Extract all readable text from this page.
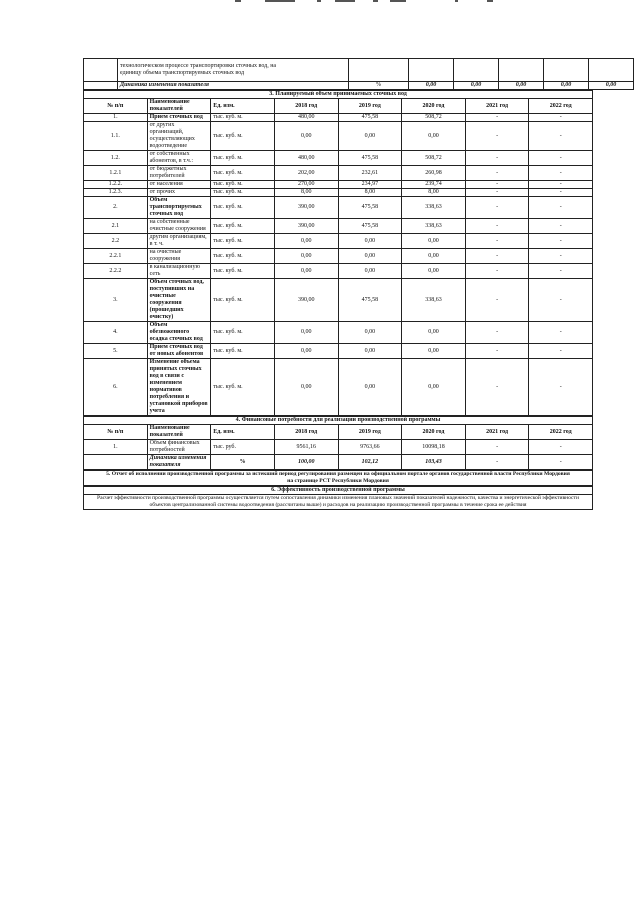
	технологическом процессе транспортировки сточных вод, на
единицу объема транспортируемых сточных вод						

	Динамика изменения показателя	%	0,00	0,00	0,00	0,00	0,00
3. Планируемый объем принимаемых сточных вод							
№ п/п	Наименование показателей	Ед. изм.	2018 год	2019 год	2020 год	2021 год	2022 год
1.	Прием сточных вод	тыс. куб. м.	480,00	475,58	508,72	-	-
1.1.	от других организаций, осуществляющих водоотведение	тыс. куб. м.	0,00	0,00	0,00	-	-
1.2.	от собственных абонентов, в т.ч.:	тыс. куб. м.	480,00	475,58	508,72	-	-
1.2.1	от бюджетных потребителей	тыс. куб. м.	202,00	232,61	260,98	-	-
1.2.2.	от населения	тыс. куб. м.	270,00	234,97	239,74	-	-
1.2.3.	от прочих	тыс. куб. м.	8,00	8,00	8,00	-	-
2.	Объем транспортируемых сточных вод	тыс. куб. м.	390,00	475,58	338,63	-	-
2.1	на собственные очистные сооружения	тыс. куб. м.	390,00	475,58	338,63	-	-
2.2	другим организациям, в т. ч.	тыс. куб. м.	0,00	0,00	0,00	-	-
2.2.1	на очистные сооружения	тыс. куб. м.	0,00	0,00	0,00	-	-
2.2.2	в канализационную сеть	тыс. куб. м.	0,00	0,00	0,00	-	-
3.	Объем сточных вод, поступивших на очистные сооружения (прошедших очистку)	тыс. куб. м.	390,00	475,58	338,63	-	-
4.	Объем обезвоженного осадка сточных вод	тыс. куб. м.	0,00	0,00	0,00	-	-
5.	Прием сточных вод от новых абонентов	тыс. куб. м.	0,00	0,00	0,00	-	-
6.	Изменение объема принятых сточных вод в связи с изменением нормативов потребления и установкой приборов учета	тыс. куб. м.	0,00	0,00	0,00	-	-
4. Финансовые потребности для реализации производственной программы							
№ п/п	Наименование показателей	Ед. изм.	2018 год	2019 год	2020 год	2021 год	2022 год
1.	Объем финансовых потребностей	тыс. руб.	9561,16	9763,66	10098,18	-	-
	Динамика изменения показателя	%	100,00	102,12	103,43	-	-
5. Отчет об исполнении производственной программы за истекший период регулирования размещен на официальном портале органов государственной власти Республики Мордовия на странице РСТ Республики Мордовия
6. Эффективность производственной программы
Расчет эффективности производственной программы осуществляется путем сопоставления динамики изменения плановых значений показателей надежности, качества и энергетической эффективности объектов централизованной системы водоотведения (рассчитаны выше) и расходов на реализацию производственной программы в течение срока ее действия
